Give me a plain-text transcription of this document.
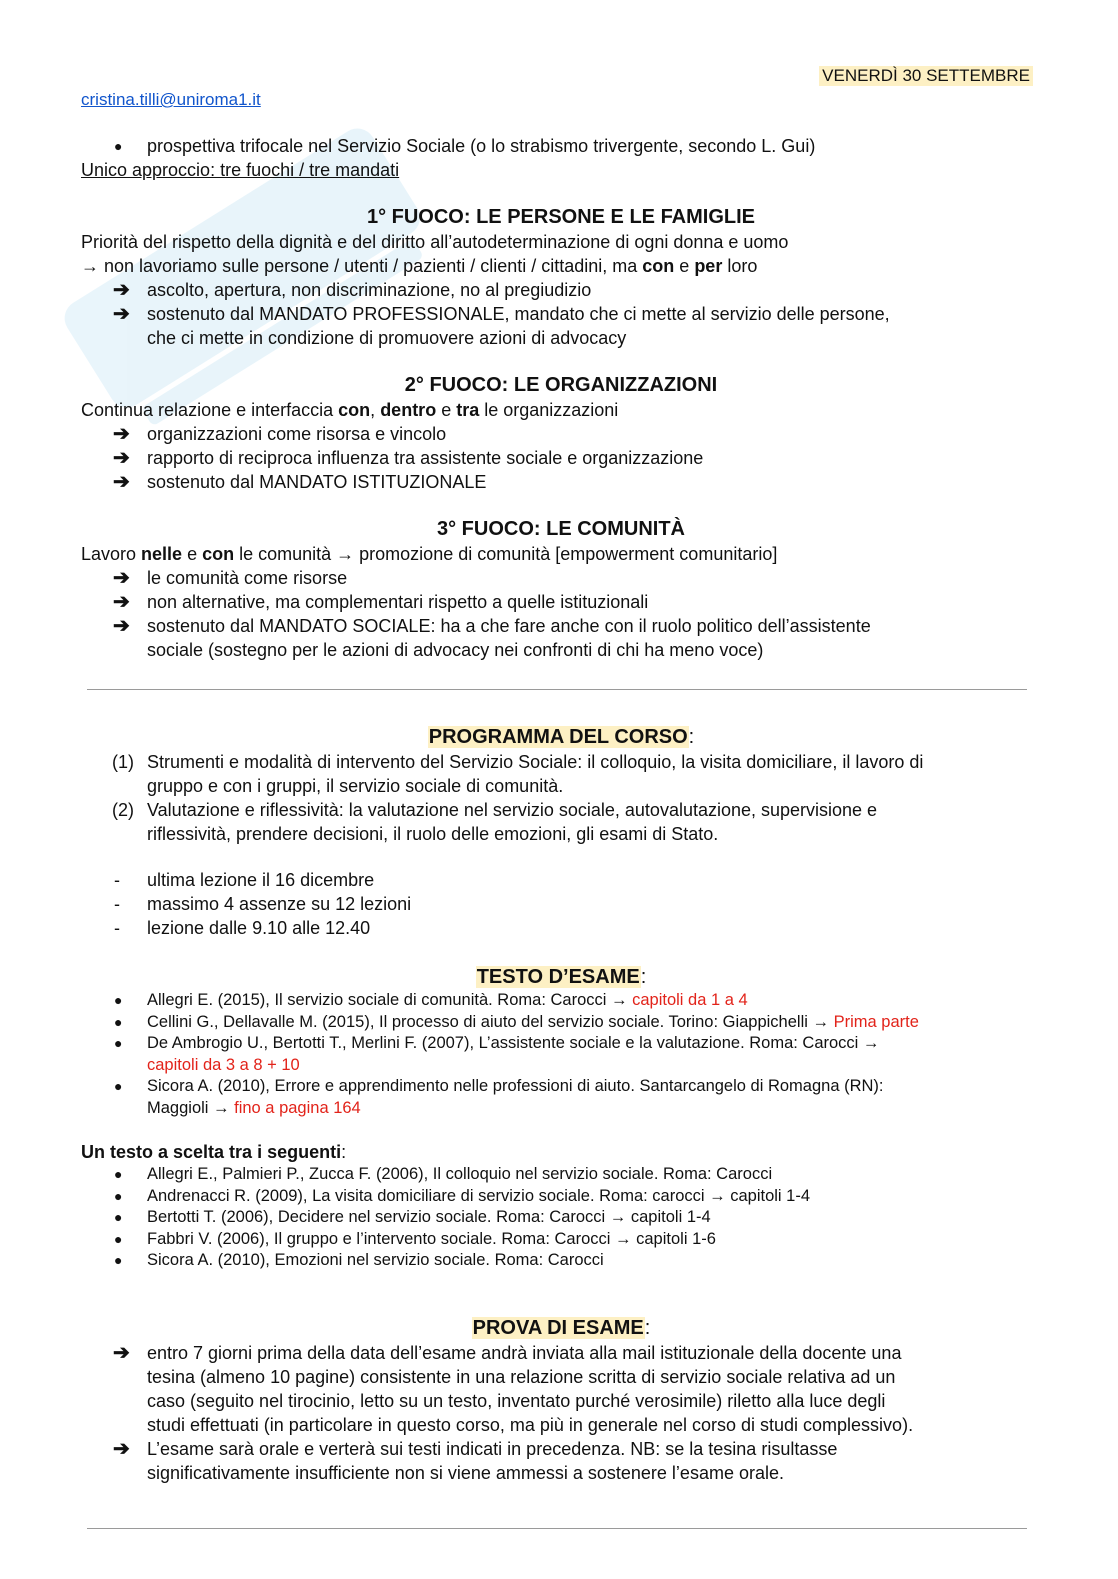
VENERDÌ 30 SETTEMBRE
cristina.tilli@uniroma1.it
● prospettiva trifocale nel Servizio Sociale (o lo strabismo trivergente, secondo L. Gui)
Unico approccio: tre fuochi / tre mandati
1° FUOCO: LE PERSONE E LE FAMIGLIE
Priorità del rispetto della dignità e del diritto all’autodeterminazione di ogni donna e uomo
→ non lavoriamo sulle persone / utenti / pazienti / clienti / cittadini, ma con e per loro
➔ ascolto, apertura, non discriminazione, no al pregiudizio
➔ sostenuto dal MANDATO PROFESSIONALE, mandato che ci mette al servizio delle persone,
che ci mette in condizione di promuovere azioni di advocacy
2° FUOCO: LE ORGANIZZAZIONI
Continua relazione e interfaccia con, dentro e tra le organizzazioni
➔ organizzazioni come risorsa e vincolo
➔ rapporto di reciproca influenza tra assistente sociale e organizzazione
➔ sostenuto dal MANDATO ISTITUZIONALE
3° FUOCO: LE COMUNITÀ
Lavoro nelle e con le comunità → promozione di comunità [empowerment comunitario]
➔ le comunità come risorse
➔ non alternative, ma complementari rispetto a quelle istituzionali
➔ sostenuto dal MANDATO SOCIALE: ha a che fare anche con il ruolo politico dell’assistente
sociale (sostegno per le azioni di advocacy nei confronti di chi ha meno voce)
PROGRAMMA DEL CORSO:
(1) Strumenti e modalità di intervento del Servizio Sociale: il colloquio, la visita domiciliare, il lavoro di
gruppo e con i gruppi, il servizio sociale di comunità.
(2) Valutazione e riflessività: la valutazione nel servizio sociale, autovalutazione, supervisione e
riflessività, prendere decisioni, il ruolo delle emozioni, gli esami di Stato.
- ultima lezione il 16 dicembre
- massimo 4 assenze su 12 lezioni
- lezione dalle 9.10 alle 12.40
TESTO D’ESAME:
● Allegri E. (2015), Il servizio sociale di comunità. Roma: Carocci → capitoli da 1 a 4
● Cellini G., Dellavalle M. (2015), Il processo di aiuto del servizio sociale. Torino: Giappichelli → Prima parte
● De Ambrogio U., Bertotti T., Merlini F. (2007), L’assistente sociale e la valutazione. Roma: Carocci →
capitoli da 3 a 8 + 10
● Sicora A. (2010), Errore e apprendimento nelle professioni di aiuto. Santarcangelo di Romagna (RN):
Maggioli → fino a pagina 164
Un testo a scelta tra i seguenti:
● Allegri E., Palmieri P., Zucca F. (2006), Il colloquio nel servizio sociale. Roma: Carocci
● Andrenacci R. (2009), La visita domiciliare di servizio sociale. Roma: carocci → capitoli 1-4
● Bertotti T. (2006), Decidere nel servizio sociale. Roma: Carocci → capitoli 1-4
● Fabbri V. (2006), Il gruppo e l’intervento sociale. Roma: Carocci → capitoli 1-6
● Sicora A. (2010), Emozioni nel servizio sociale. Roma: Carocci
PROVA DI ESAME:
➔ entro 7 giorni prima della data dell’esame andrà inviata alla mail istituzionale della docente una
tesina (almeno 10 pagine) consistente in una relazione scritta di servizio sociale relativa ad un
caso (seguito nel tirocinio, letto su un testo, inventato purché verosimile) riletto alla luce degli
studi effettuati (in particolare in questo corso, ma più in generale nel corso di studi complessivo).
➔ L’esame sarà orale e verterà sui testi indicati in precedenza. NB: se la tesina risultasse
significativamente insufficiente non si viene ammessi a sostenere l’esame orale.
